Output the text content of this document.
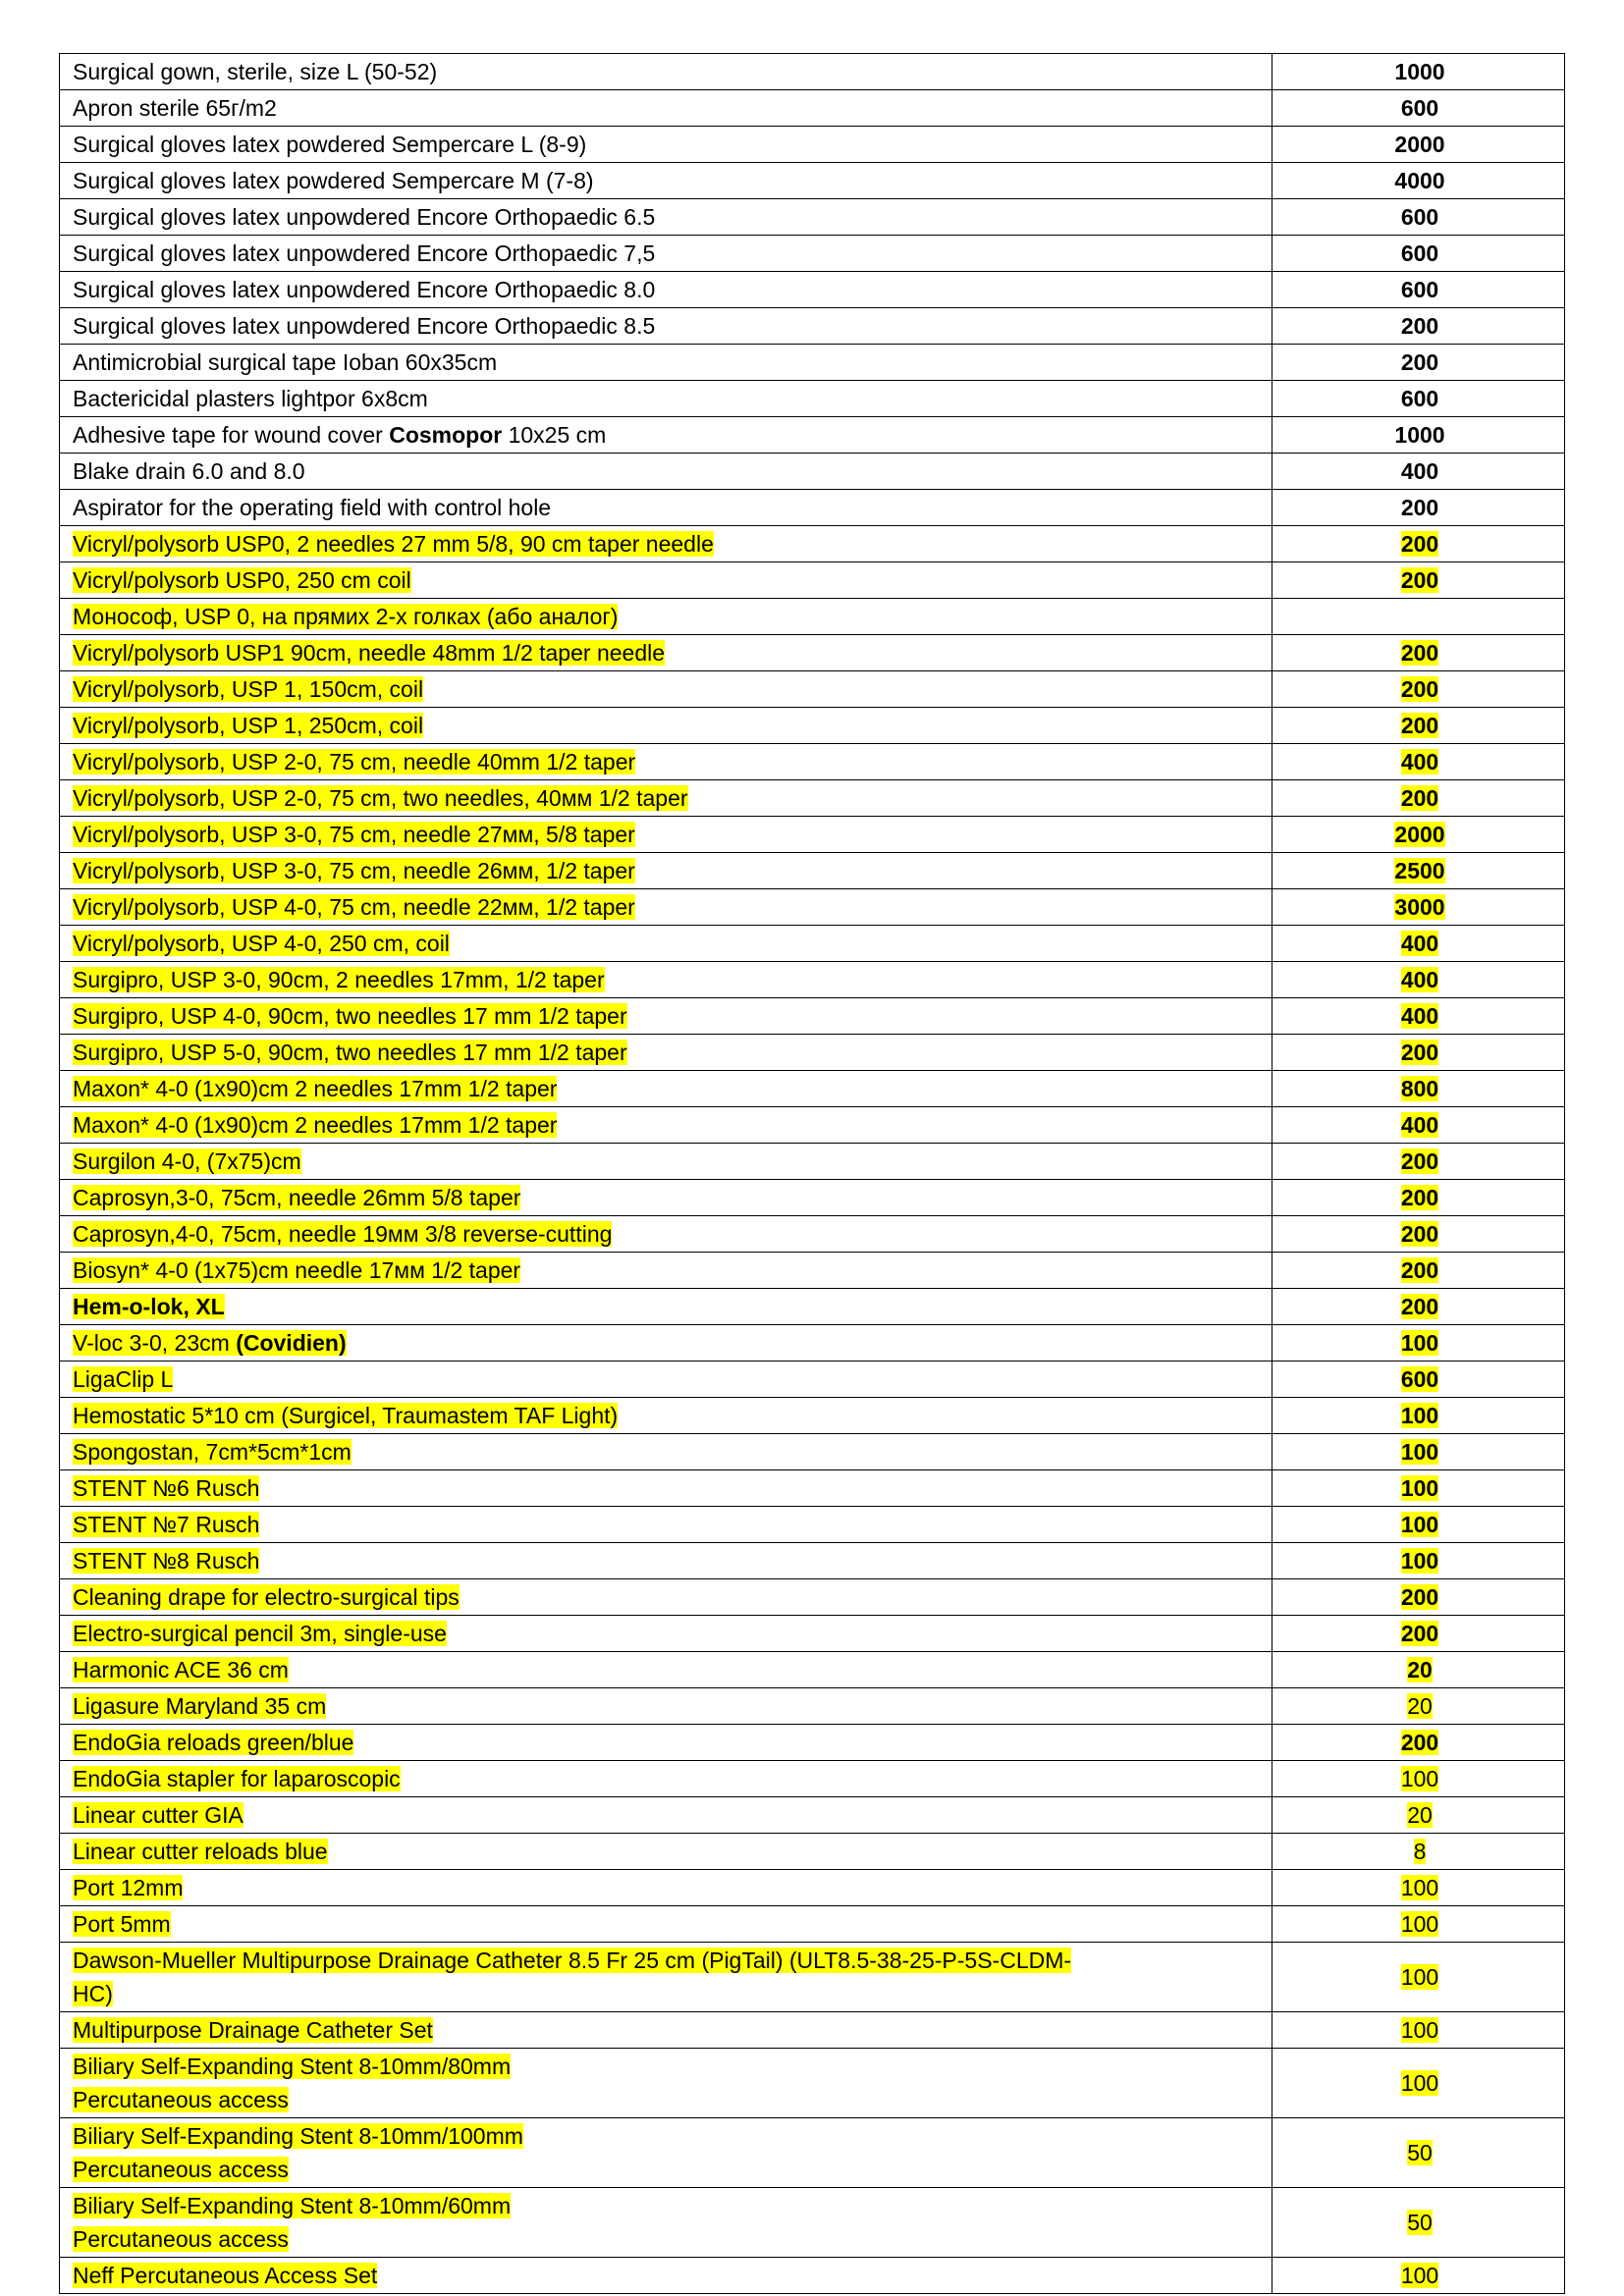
Surgical gown, sterile, size L (50-52)	1000
Apron sterile 65г/m2	600
Surgical gloves latex powdered Sempercare L (8-9)	2000
Surgical gloves latex powdered Sempercare M (7-8)	4000
Surgical gloves latex unpowdered Encore Orthopaedic 6.5	600
Surgical gloves latex unpowdered Encore Orthopaedic 7,5	600
Surgical gloves latex unpowdered Encore Orthopaedic 8.0	600
Surgical gloves latex unpowdered Encore Orthopaedic 8.5	200
Antimicrobial surgical tape Ioban 60x35cm	200
Bactericidal plasters lightpor 6x8cm	600
Adhesive tape for wound cover Cosmopor 10x25 cm	1000
Blake drain 6.0 and 8.0	400
Aspirator for the operating field with control hole	200
Vicryl/polysorb USP0, 2 needles 27 mm 5/8, 90 cm taper needle	200
Vicryl/polysorb USP0, 250 cm coil	200
Монософ, USP 0, на прямих 2-х голках (або аналог)	
Vicryl/polysorb USP1 90cm, needle 48mm 1/2 taper needle	200
Vicryl/polysorb, USP 1, 150cm, coil	200
Vicryl/polysorb, USP 1, 250cm, coil	200
Vicryl/polysorb, USP 2-0, 75 cm, needle 40mm 1/2 taper	400
Vicryl/polysorb, USP 2-0, 75 cm, two needles, 40мм 1/2 taper	200
Vicryl/polysorb, USP 3-0, 75 cm, needle 27мм, 5/8 taper	2000
Vicryl/polysorb, USP 3-0, 75 cm, needle 26мм, 1/2 taper	2500
Vicryl/polysorb, USP 4-0, 75 cm, needle 22мм, 1/2 taper	3000
Vicryl/polysorb, USP 4-0, 250 cm, coil	400
Surgipro, USP 3-0, 90cm, 2 needles 17mm, 1/2 taper	400
Surgipro, USP 4-0, 90cm, two needles 17 mm 1/2 taper	400
Surgipro, USP 5-0, 90cm, two needles 17 mm 1/2 taper	200
Maxon* 4-0 (1x90)cm 2 needles 17mm 1/2 taper	800
Maxon* 4-0 (1x90)cm 2 needles 17mm 1/2 taper	400
Surgilon 4-0, (7x75)cm	200
Caprosyn,3-0, 75cm, needle 26mm 5/8 taper	200
Caprosyn,4-0, 75cm, needle 19мм 3/8 reverse-cutting	200
Biosyn* 4-0 (1x75)cm needle 17мм 1/2 taper	200
Hem-o-lok, XL	200
V-loc 3-0, 23cm (Covidien)	100
LigaClip L	600
Hemostatic 5*10 cm (Surgicel, Traumastem TAF Light)	100
Spongostan, 7cm*5cm*1cm	100
STENT №6 Rusch	100
STENT №7 Rusch	100
STENT №8 Rusch	100
Cleaning drape for electro-surgical tips	200
Electro-surgical pencil 3m, single-use	200
Harmonic ACE 36 cm	20
Ligasure Maryland 35 cm	20
EndoGia reloads green/blue	200
EndoGia stapler for laparoscopic	100
Linear cutter GIA	20
Linear cutter reloads blue	8
Port 12mm	100
Port 5mm	100

Dawson-Mueller Multipurpose Drainage Catheter 8.5 Fr 25 cm (PigTail) (ULT8.5-38-25-P-5S-CLDM-
HC)	100
Multipurpose Drainage Catheter Set	100

Biliary Self-Expanding Stent 8-10mm/80mm
Percutaneous access	100

Biliary Self-Expanding Stent 8-10mm/100mm
Percutaneous access	50

Biliary Self-Expanding Stent 8-10mm/60mm
Percutaneous access	50
Neff Percutaneous Access Set	100
